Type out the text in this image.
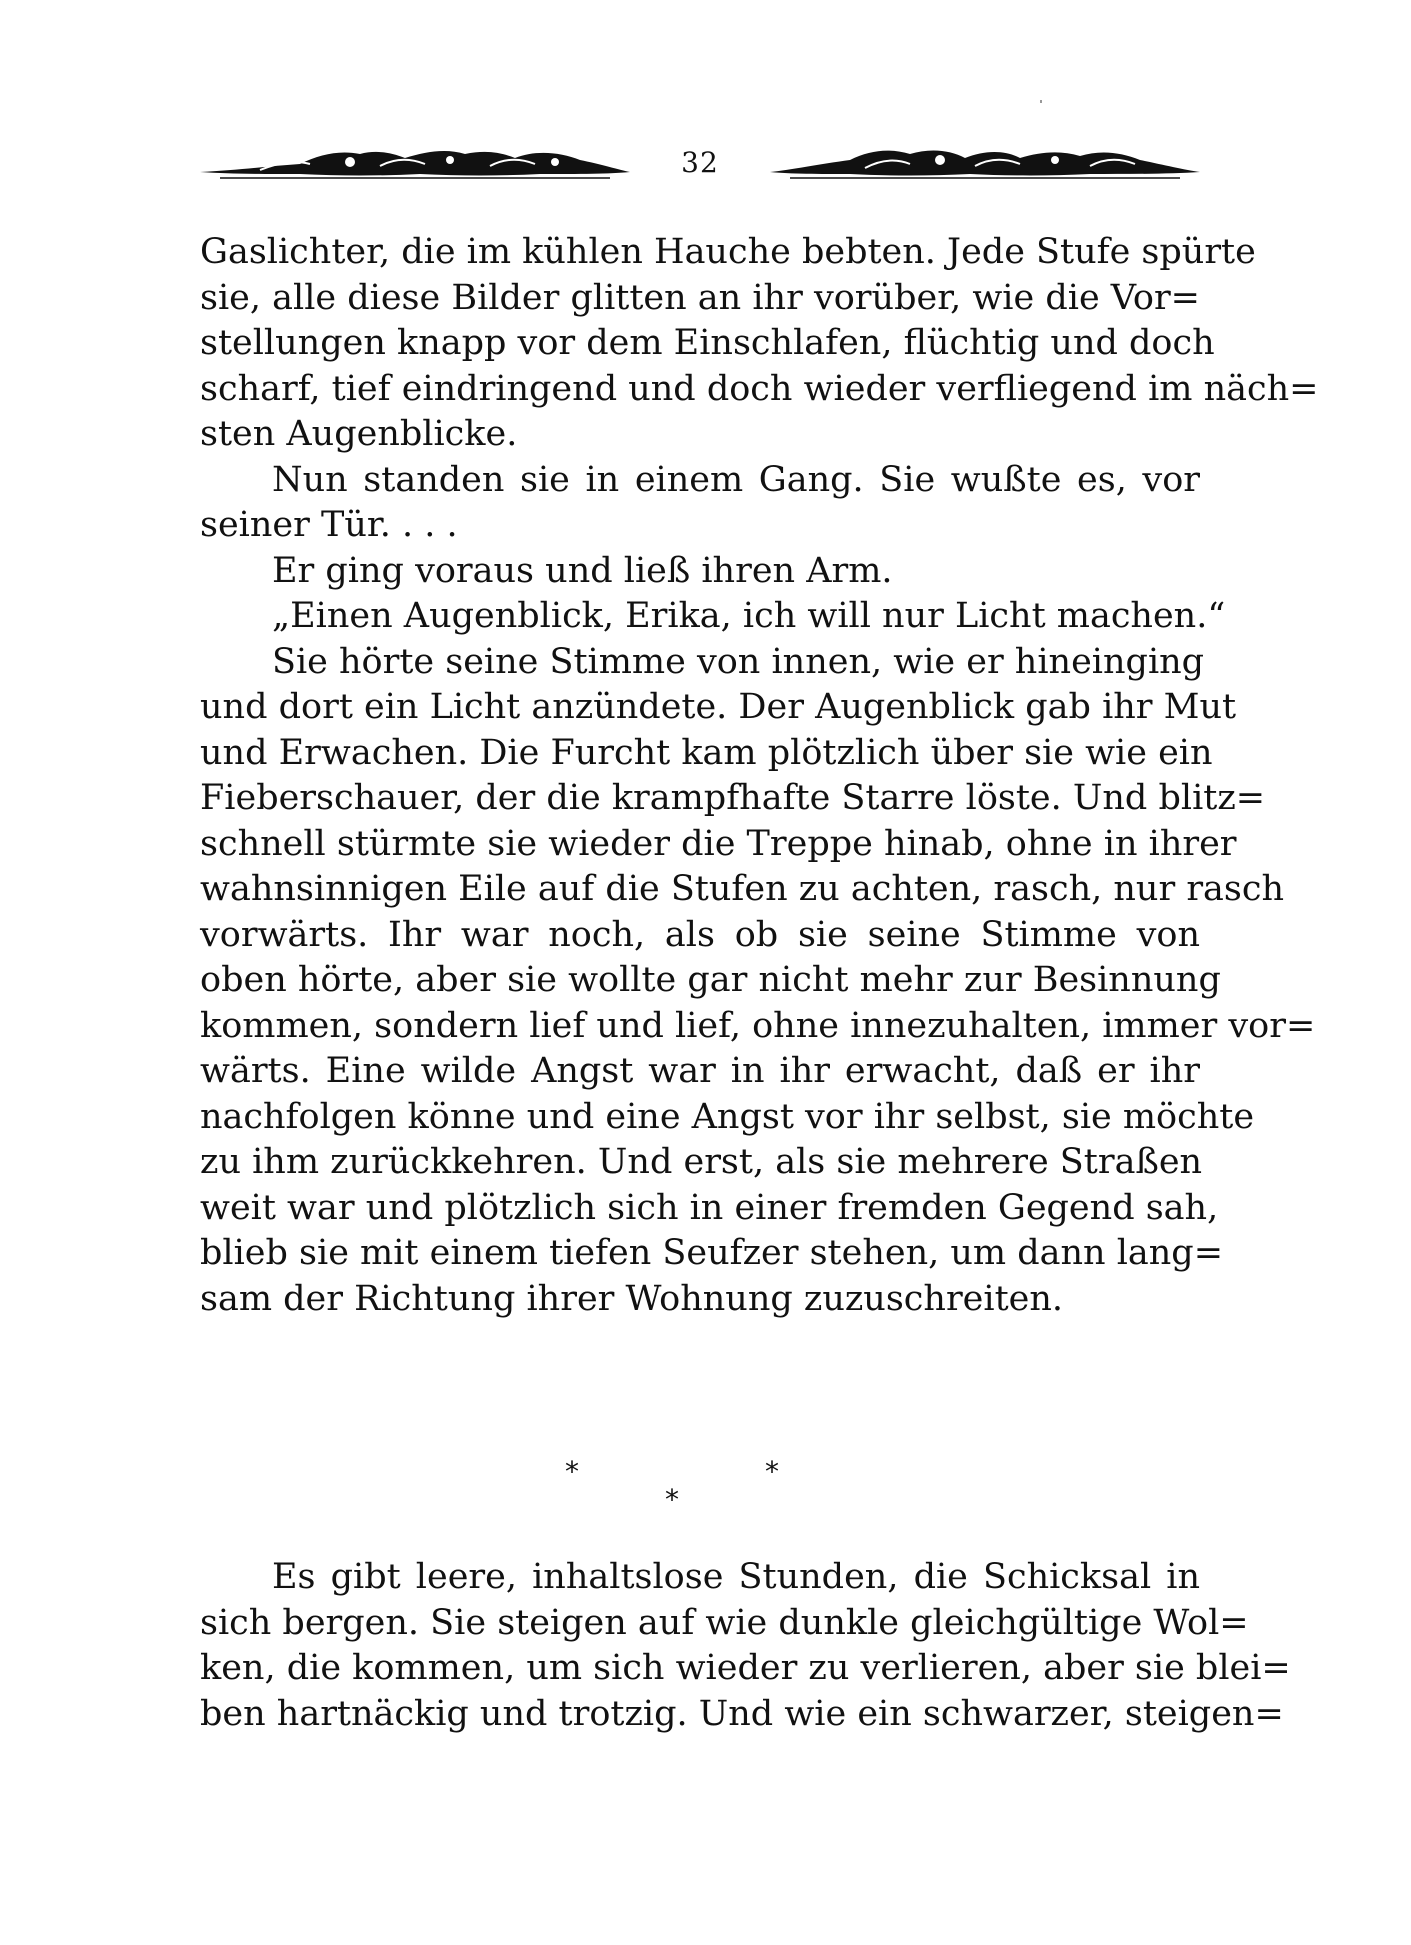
32
Gaslichter, die im kühlen Hauche bebten. Jede Stufe spürte
sie, alle diese Bilder glitten an ihr vorüber, wie die Vor=
stellungen knapp vor dem Einschlafen, flüchtig und doch
scharf, tief eindringend und doch wieder verfliegend im näch=
sten Augenblicke.
Nun standen sie in einem Gang. Sie wußte es, vor
seiner Tür. . . .
Er ging voraus und ließ ihren Arm.
„Einen Augenblick, Erika, ich will nur Licht machen.“
Sie hörte seine Stimme von innen, wie er hineinging
und dort ein Licht anzündete. Der Augenblick gab ihr Mut
und Erwachen. Die Furcht kam plötzlich über sie wie ein
Fieberschauer, der die krampfhafte Starre löste. Und blitz=
schnell stürmte sie wieder die Treppe hinab, ohne in ihrer
wahnsinnigen Eile auf die Stufen zu achten, rasch, nur rasch
vorwärts. Ihr war noch, als ob sie seine Stimme von
oben hörte, aber sie wollte gar nicht mehr zur Besinnung
kommen, sondern lief und lief, ohne innezuhalten, immer vor=
wärts. Eine wilde Angst war in ihr erwacht, daß er ihr
nachfolgen könne und eine Angst vor ihr selbst, sie möchte
zu ihm zurückkehren. Und erst, als sie mehrere Straßen
weit war und plötzlich sich in einer fremden Gegend sah,
blieb sie mit einem tiefen Seufzer stehen, um dann lang=
sam der Richtung ihrer Wohnung zuzuschreiten.
*
*
*
Es gibt leere, inhaltslose Stunden, die Schicksal in
sich bergen. Sie steigen auf wie dunkle gleichgültige Wol=
ken, die kommen, um sich wieder zu verlieren, aber sie blei=
ben hartnäckig und trotzig. Und wie ein schwarzer, steigen=
